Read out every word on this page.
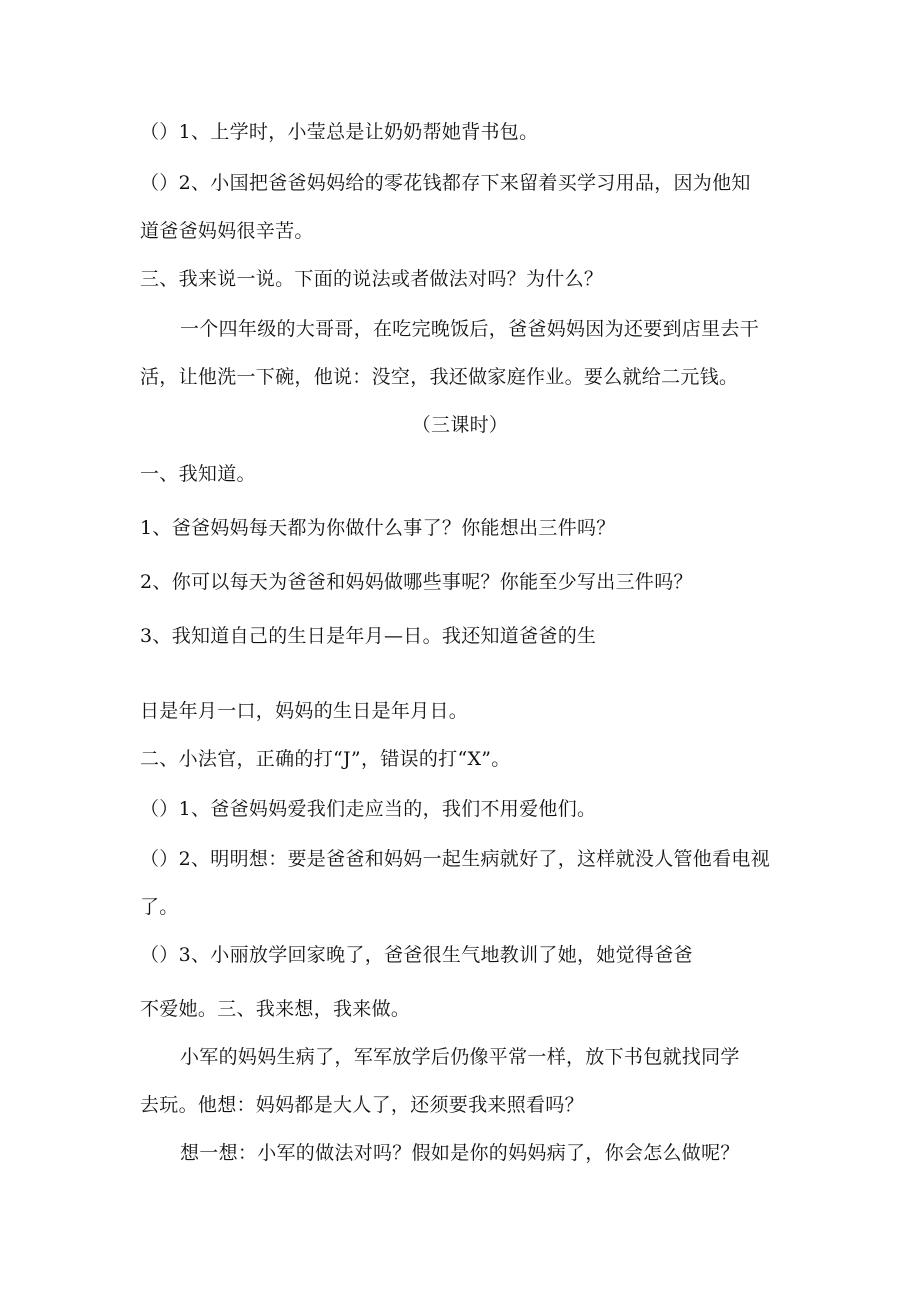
（）1、上学时，小莹总是让奶奶帮她背书包。
（）2、小国把爸爸妈妈给的零花钱都存下来留着买学习用品，因为他知
道爸爸妈妈很辛苦。
三、我来说一说。下面的说法或者做法对吗？为什么？
一个四年级的大哥哥，在吃完晚饭后，爸爸妈妈因为还要到店里去干
活，让他洗一下碗，他说：没空，我还做家庭作业。要么就给二元钱。
（三课时）
一、我知道。
1、爸爸妈妈每天都为你做什么事了？你能想出三件吗？
2、你可以每天为爸爸和妈妈做哪些事呢？你能至少写出三件吗？
3、我知道自己的生日是年月—日。我还知道爸爸的生
日是年月一口，妈妈的生日是年月日。
二、小法官，正确的打“J”，错误的打“X”。
（）1、爸爸妈妈爱我们走应当的，我们不用爱他们。
（）2、明明想：要是爸爸和妈妈一起生病就好了，这样就没人管他看电视
了。
（）3、小丽放学回家晚了，爸爸很生气地教训了她，她觉得爸爸
不爱她。三、我来想，我来做。
小军的妈妈生病了，军军放学后仍像平常一样，放下书包就找同学
去玩。他想：妈妈都是大人了，还须要我来照看吗？
想一想：小军的做法对吗？假如是你的妈妈病了，你会怎么做呢？
